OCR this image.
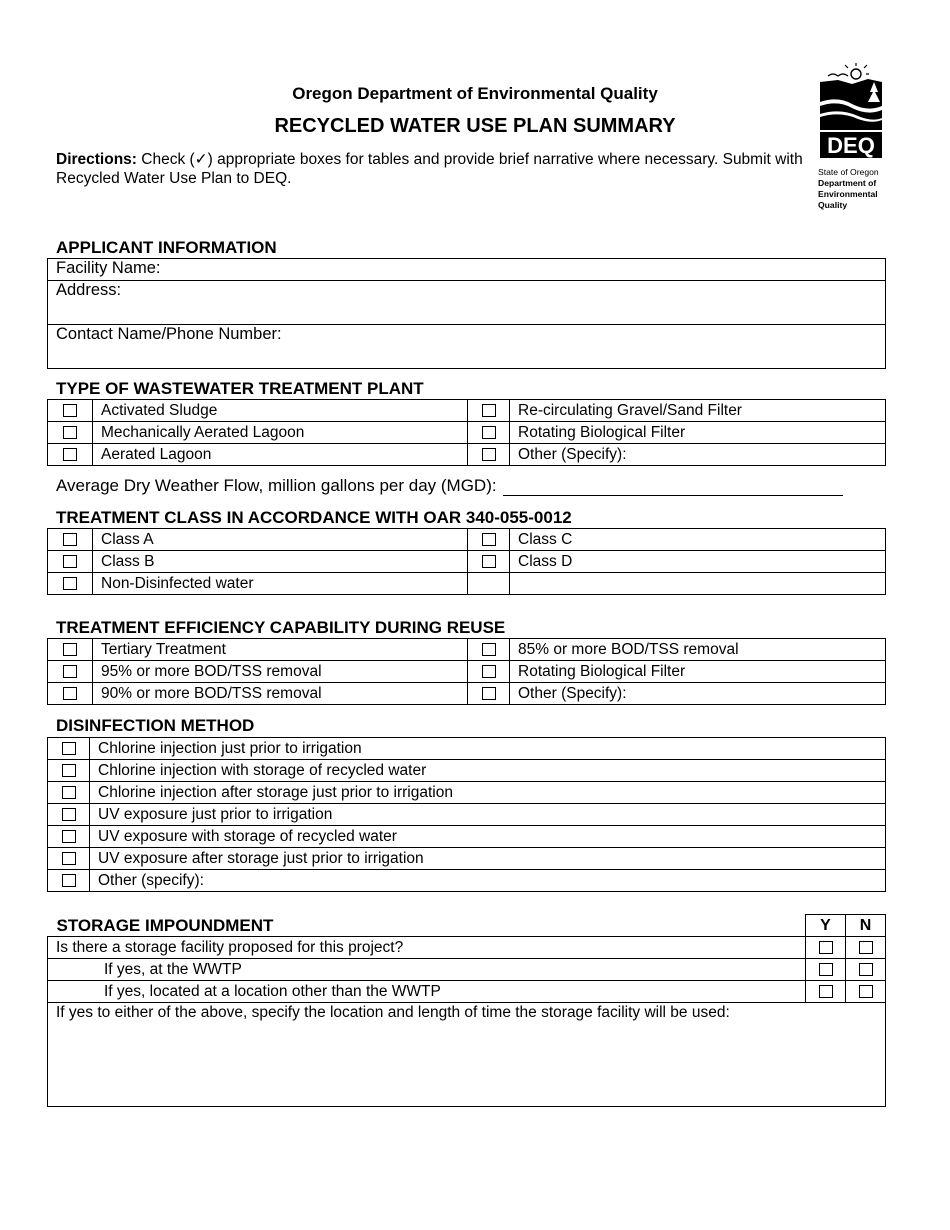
Oregon Department of Environmental Quality
RECYCLED WATER USE PLAN SUMMARY
Directions: Check (✓) appropriate boxes for tables and provide brief narrative where necessary. Submit with Recycled Water Use Plan to DEQ.
DEQ
State of Oregon
Department of
Environmental
Quality
APPLICANT INFORMATION
Facility Name:
Address:
Contact Name/Phone Number:
TYPE OF WASTEWATER TREATMENT PLANT
	Activated Sludge		Re-circulating Gravel/Sand Filter
	Mechanically Aerated Lagoon		Rotating Biological Filter
	Aerated Lagoon		Other (Specify):
Average Dry Weather Flow, million gallons per day (MGD):
TREATMENT CLASS IN ACCORDANCE WITH OAR 340-055-0012
	Class A		Class C
	Class B		Class D
	Non-Disinfected water		
TREATMENT EFFICIENCY CAPABILITY DURING REUSE
	Tertiary Treatment		85% or more BOD/TSS removal
	95% or more BOD/TSS removal		Rotating Biological Filter
	90% or more BOD/TSS removal		Other (Specify):
DISINFECTION METHOD
	Chlorine injection just prior to irrigation
	Chlorine injection with storage of recycled water
	Chlorine injection after storage just prior to irrigation
	UV exposure just prior to irrigation
	UV exposure with storage of recycled water
	UV exposure after storage just prior to irrigation
	Other (specify):
STORAGE IMPOUNDMENT	Y	N
Is there a storage facility proposed for this project?		
If yes, at the WWTP		
If yes, located at a location other than the WWTP		
If yes to either of the above, specify the location and length of time the storage facility will be used:		
